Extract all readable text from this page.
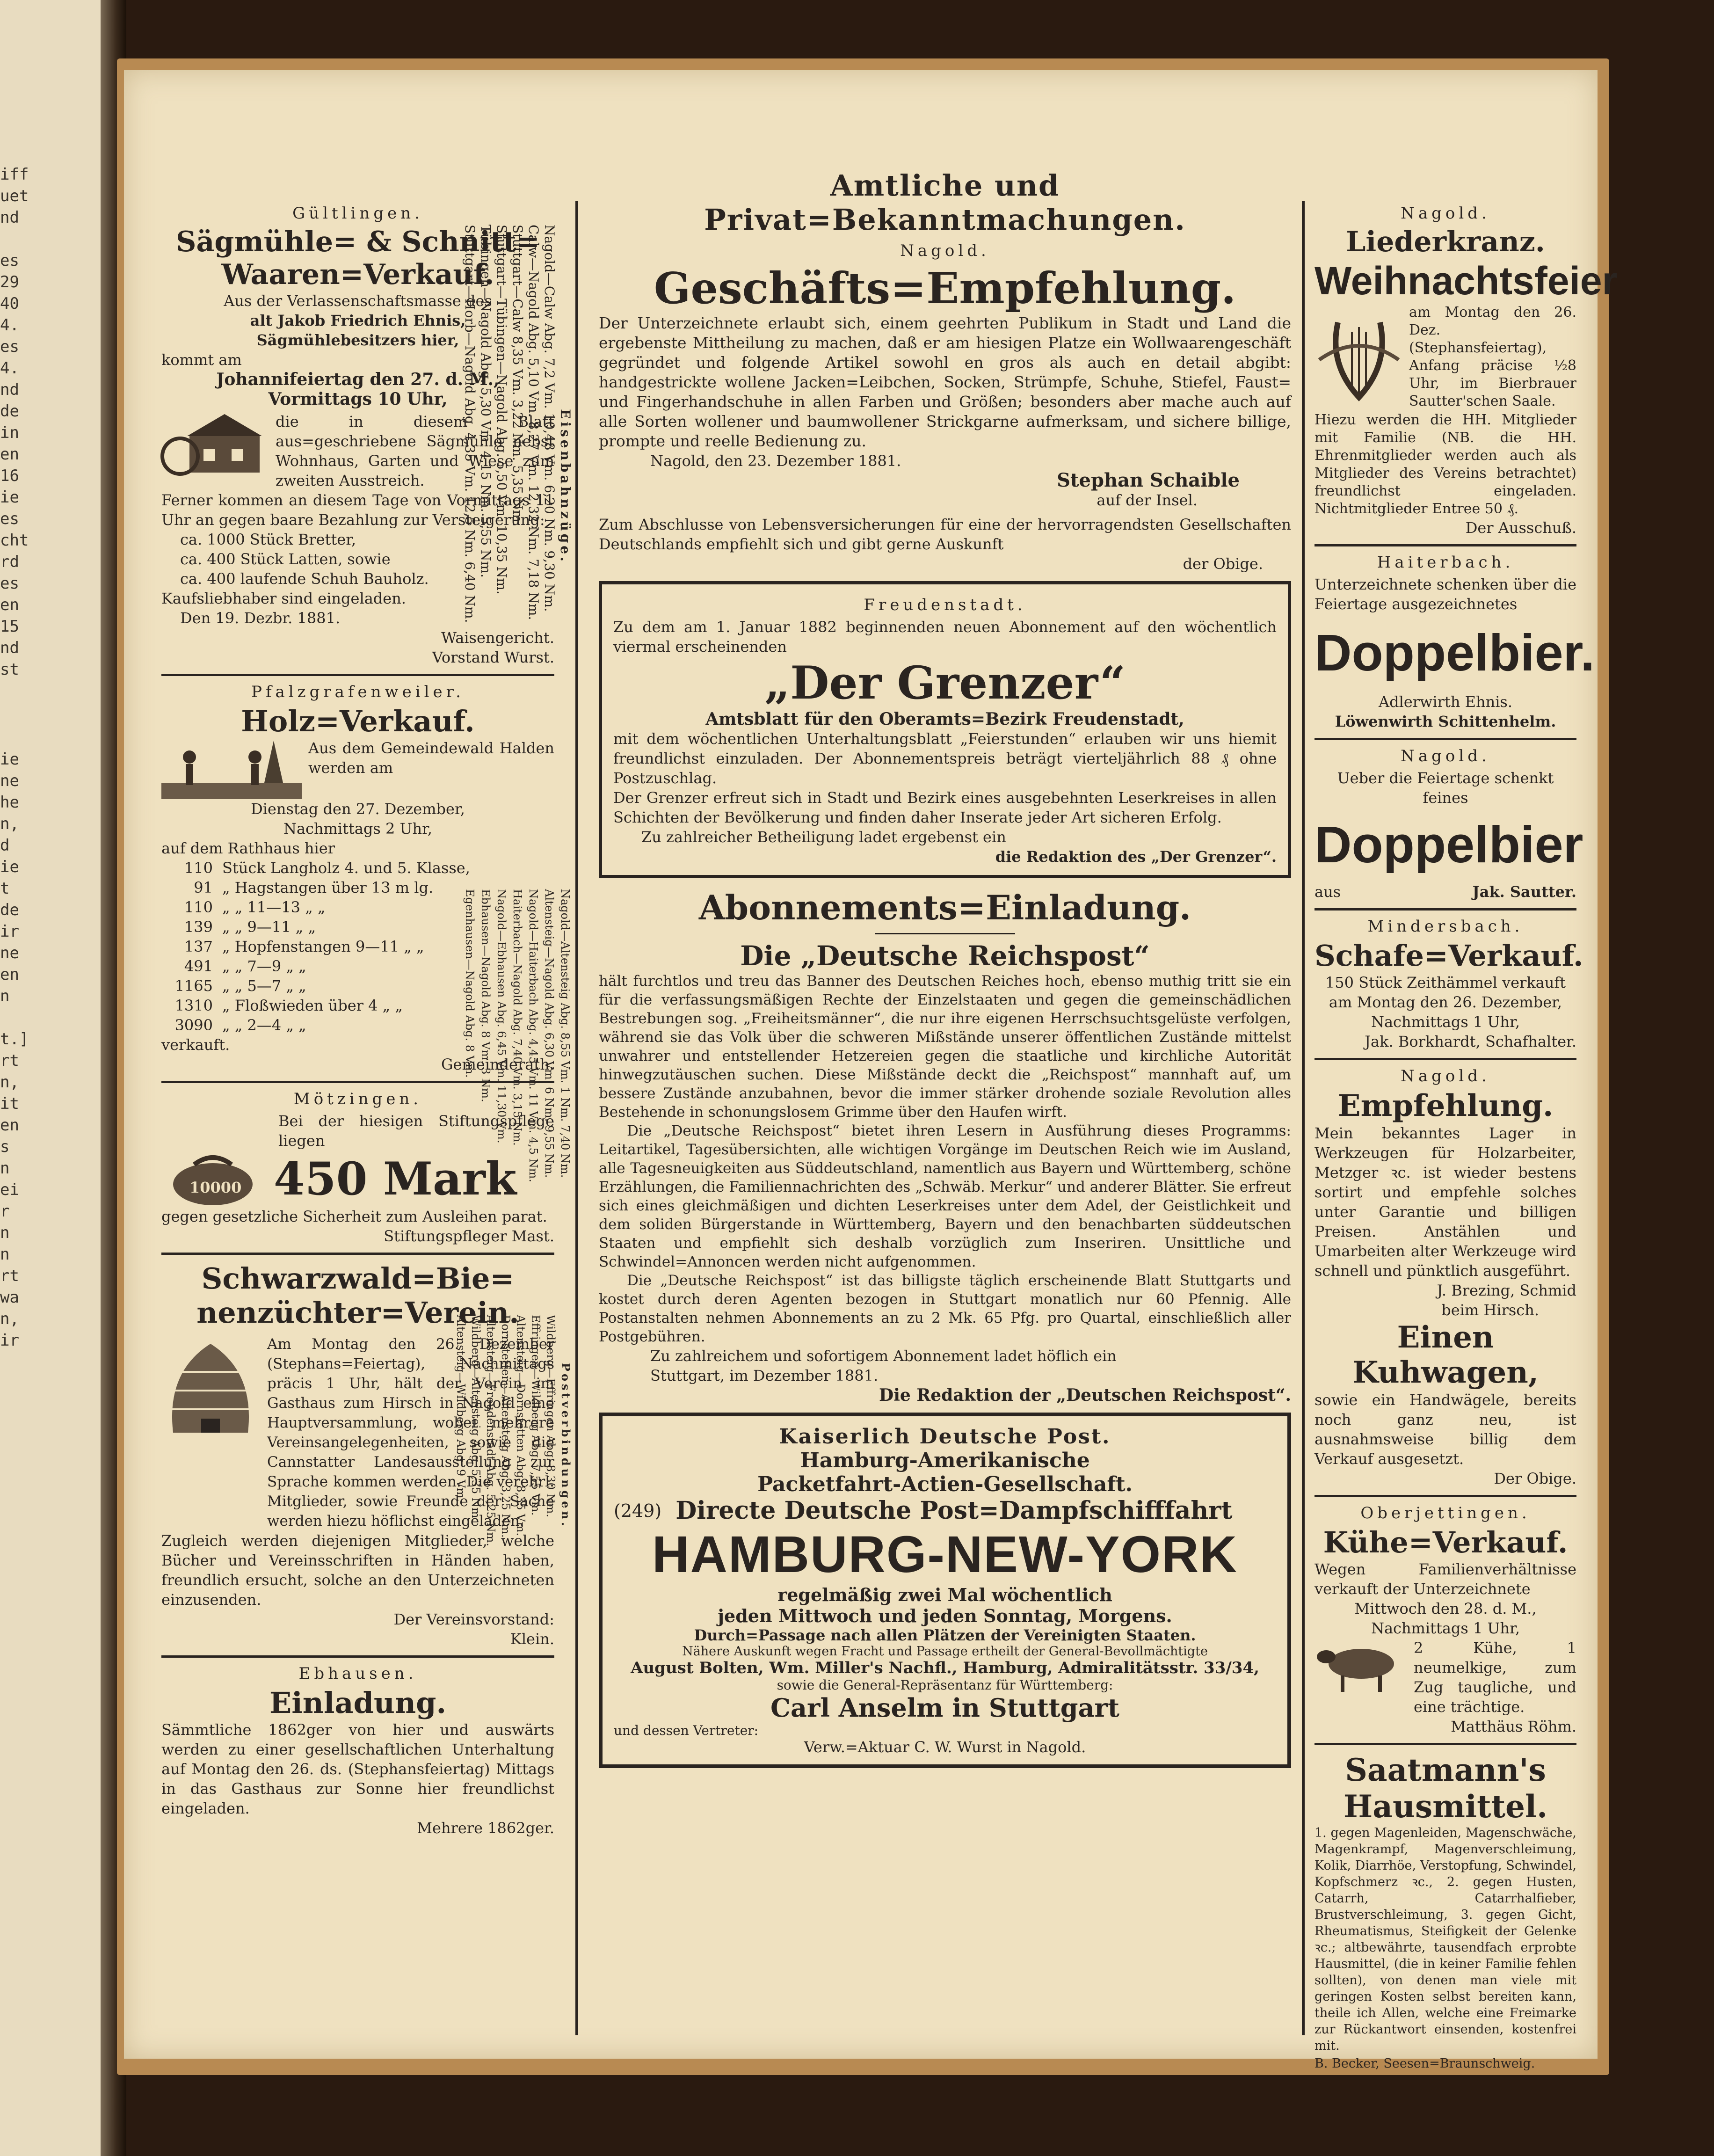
iff
uet
nd

es
29
40
4.
es
4.
nd
de
in
en
16
ie
es
cht
rd
es
en
15
nd
st

ie
ne
he
n,
d
ie
t
de
ir
ne
en
n

t.]
rt
n,
it
en
s
n
ei
r
n
n
rt
wa
n,
ir

Gültlingen.
Sägmühle= & Schnitt=
Waaren=Verkauf.
Aus der Verlassenschaftsmasse des
alt Jakob Friedrich Ehnis,
Sägmühlebesitzers hier,
kommt am
Johannifeiertag den 27. d. M.,
Vormittags 10 Uhr,
die in diesem Blatt aus=geschriebene Sägmühle nebst Wohnhaus, Garten und Wiese zum zweiten Ausstreich.
Ferner kommen an diesem Tage von Vormittags 11 Uhr an gegen baare Bezahlung zur Versteigerung:
ca. 1000 Stück Bretter,
ca. 400 Stück Latten, sowie
ca. 400 laufende Schuh Bauholz.
Kaufsliebhaber sind eingeladen.
Den 19. Dezbr. 1881.
Waisengericht.
Vorstand Wurst.
Pfalzgrafenweiler.
Holz=Verkauf.
Aus dem Gemeindewald Halden werden am
Dienstag den 27. Dezember,
Nachmittags 2 Uhr,
auf dem Rathhaus hier
110 Stück Langholz 4. und 5. Klasse,
91 „ Hagstangen über 13 m lg.
110 „ „ 11—13 „ „
139 „ „ 9—11 „ „
137 „ Hopfenstangen 9—11 „ „
491 „ „ 7—9 „ „
1165 „ „ 5—7 „ „
1310 „ Floßwieden über 4 „ „
3090 „ „ 2—4 „ „
verkauft.
Gemeinderath.
Mötzingen.
Bei der hiesigen Stiftungspflege liegen
10000 450 Mark
gegen gesetzliche Sicherheit zum Ausleihen parat.
Stiftungspfleger Mast.
Schwarzwald=Bie=
nenzüchter=Verein.
Am Montag den 26. Dezember (Stephans=Feiertag), Nachmittags präcis 1 Uhr, hält der Verein im Gasthaus zum Hirsch in Nagold eine Hauptversammlung, wobei mehrere Vereinsangelegenheiten, sowie die Cannstatter Landesausstellung zur Sprache kommen werden. Die verehrl. Mitglieder, sowie Freunde der Sache werden hiezu höflichst eingeladen.
Zugleich werden diejenigen Mitglieder, welche Bücher und Vereinsschriften in Händen haben, freundlich ersucht, solche an den Unterzeichneten einzusenden.
Der Vereinsvorstand:
Klein.
Ebhausen.
Einladung.
Sämmtliche 1862ger von hier und auswärts werden zu einer gesellschaftlichen Unterhaltung auf Montag den 26. ds. (Stephansfeiertag) Mittags in das Gasthaus zur Sonne hier freundlichst eingeladen.
Mehrere 1862ger.
Eisenbahnzüge.
Nagold—Calw Abg. 7,2 Vm. 10,48 Vm. 6,20 Nm. 9,30 Nm.
Calw—Nagold Abg. 5,10 Vm. 8,27 Vm. 12,32 Nm. 7,18 Nm.
Stuttgart—Calw 8,35 Vm. 3,22 Nm. 5,35 Nm.
Stuttgart—Tübingen—Nagold Abg. 5,50 Vm. 10,35 Nm.
Tübingen—Nagold Abg. 5,30 Vm. 4,15 Nm. 5,55 Nm.
Stuttgart—Horb—Nagold Abg. 4,35 Vm. 12,5 Nm. 6,40 Nm.
Nagold—Altensteig Abg. 8,55 Vm. 1 Nm. 7,40 Nm.
Altensteig—Nagold Abg. 6,30 Vm. 6 Nm. 9,55 Nm.
Nagold—Haiterbach Abg. 4,45 Vm. 11 Vm. 4,5 Nm.
Haiterbach—Nagold Abg. 7,40 Vm. 3,15 Nm.
Nagold—Ebhausen Abg. 6,45 Vm. 11,30 Vm.
Ebhausen—Nagold Abg. 8 Vm. 3 Nm.
Egenhausen—Nagold Abg. 8 Vm.
Amtliche und Privat=Bekanntmachungen.
Nagold.
Geschäfts=Empfehlung.
Der Unterzeichnete erlaubt sich, einem geehrten Publikum in Stadt und Land die ergebenste Mittheilung zu machen, daß er am hiesigen Platze ein Wollwaarengeschäft gegründet und folgende Artikel sowohl en gros als auch en detail abgibt: handgestrickte wollene Jacken=Leibchen, Socken, Strümpfe, Schuhe, Stiefel, Faust= und Fingerhandschuhe in allen Farben und Größen; besonders aber mache auch auf alle Sorten wollener und baumwollener Strickgarne aufmerksam, und sichere billige, prompte und reelle Bedienung zu.
Nagold, den 23. Dezember 1881.
Stephan Schaible
auf der Insel.
Zum Abschlusse von Lebensversicherungen für eine der hervorragendsten Gesellschaften Deutschlands empfiehlt sich und gibt gerne Auskunft
der Obige.
Freudenstadt.
Zu dem am 1. Januar 1882 beginnenden neuen Abonnement auf den wöchentlich viermal erscheinenden
„Der Grenzer“
Amtsblatt für den Oberamts=Bezirk Freudenstadt,
mit dem wöchentlichen Unterhaltungsblatt „Feierstunden“ erlauben wir uns hiemit freundlichst einzuladen. Der Abonnementspreis beträgt vierteljährlich 88 ₰ ohne Postzuschlag.
Der Grenzer erfreut sich in Stadt und Bezirk eines ausgebehnten Leserkreises in allen Schichten der Bevölkerung und finden daher Inserate jeder Art sicheren Erfolg.
Zu zahlreicher Betheiligung ladet ergebenst ein
die Redaktion des „Der Grenzer“.
Abonnements=Einladung.
Die „Deutsche Reichspost“
hält furchtlos und treu das Banner des Deutschen Reiches hoch, ebenso muthig tritt sie ein für die verfassungsmäßigen Rechte der Einzelstaaten und gegen die gemeinschädlichen Bestrebungen sog. „Freiheitsmänner“, die nur ihre eigenen Herrschsuchtsgelüste verfolgen, während sie das Volk über die schweren Mißstände unserer öffentlichen Zustände mittelst unwahrer und entstellender Hetzereien gegen die staatliche und kirchliche Autorität hinwegzutäuschen suchen. Diese Mißstände deckt die „Reichspost“ mannhaft auf, um bessere Zustände anzubahnen, bevor die immer stärker drohende soziale Revolution alles Bestehende in schonungslosem Grimme über den Haufen wirft.
Die „Deutsche Reichspost“ bietet ihren Lesern in Ausführung dieses Programms: Leitartikel, Tagesübersichten, alle wichtigen Vorgänge im Deutschen Reich wie im Ausland, alle Tagesneuigkeiten aus Süddeutschland, namentlich aus Bayern und Württemberg, schöne Erzählungen, die Familiennachrichten des „Schwäb. Merkur“ und anderer Blätter. Sie erfreut sich eines gleichmäßigen und dichten Leserkreises unter dem Adel, der Geistlichkeit und dem soliden Bürgerstande in Württemberg, Bayern und den benachbarten süddeutschen Staaten und empfiehlt sich deshalb vorzüglich zum Inseriren. Unsittliche und Schwindel=Annoncen werden nicht aufgenommen.
Die „Deutsche Reichspost“ ist das billigste täglich erscheinende Blatt Stuttgarts und kostet durch deren Agenten bezogen in Stuttgart monatlich nur 60 Pfennig. Alle Postanstalten nehmen Abonnements an zu 2 Mk. 65 Pfg. pro Quartal, einschließlich aller Postgebühren.
Zu zahlreichem und sofortigem Abonnement ladet höflich ein
Stuttgart, im Dezember 1881.
Die Redaktion der „Deutschen Reichspost“.
Kaiserlich Deutsche Post.
Hamburg-Amerikanische
Packetfahrt-Actien-Gesellschaft.
(249) Directe Deutsche Post=Dampfschifffahrt
HAMBURG-NEW-YORK
regelmäßig zwei Mal wöchentlich
jeden Mittwoch und jeden Sonntag, Morgens.
Durch=Passage nach allen Plätzen der Vereinigten Staaten.
Nähere Auskunft wegen Fracht und Passage ertheilt der General-Bevollmächtigte
August Bolten, Wm. Miller's Nachfl., Hamburg, Admiralitätsstr. 33/34,
sowie die General-Repräsentanz für Württemberg:
Carl Anselm in Stuttgart
und dessen Vertreter:
Verw.=Aktuar C. W. Wurst in Nagold.
Nagold.
Liederkranz.
Weihnachtsfeier
am Montag den 26. Dez. (Stephansfeiertag), Anfang präcise ½8 Uhr, im Bierbrauer Sautter'schen Saale.
Hiezu werden die HH. Mitglieder mit Familie (NB. die HH. Ehrenmitglieder werden auch als Mitglieder des Vereins betrachtet) freundlichst eingeladen. Nichtmitglieder Entree 50 ₰.
Der Ausschuß.
Haiterbach.
Unterzeichnete schenken über die Feiertage ausgezeichnetes
Doppelbier.
Adlerwirth Ehnis.
Löwenwirth Schittenhelm.
Nagold.
Ueber die Feiertage schenkt feines
Doppelbier
aus	Jak. Sautter.
Mindersbach.
Schafe=Verkauf.
150 Stück Zeithämmel verkauft am Montag den 26. Dezember, Nachmittags 1 Uhr,
Jak. Borkhardt, Schafhalter.
Nagold.
Empfehlung.
Mein bekanntes Lager in Werkzeugen für Holzarbeiter, Metzger ꝛc. ist wieder bestens sortirt und empfehle solches unter Garantie und billigen Preisen. Anstählen und Umarbeiten alter Werkzeuge wird schnell und pünktlich ausgeführt.
J. Brezing, Schmid
beim Hirsch.
Einen Kuhwagen,
sowie ein Handwägele, bereits noch ganz neu, ist ausnahmsweise billig dem Verkauf ausgesetzt.
Der Obige.
Oberjettingen.
Kühe=Verkauf.
Wegen Familienverhältnisse verkauft der Unterzeichnete
Mittwoch den 28. d. M., Nachmittags 1 Uhr,
2 Kühe, 1 neumelkige, zum Zug taugliche, und eine trächtige.
Matthäus Röhm.
Saatmann's
Hausmittel.
1. gegen Magenleiden, Magenschwäche, Magenkrampf, Magenverschleimung, Kolik, Diarrhöe, Verstopfung, Schwindel, Kopfschmerz ꝛc., 2. gegen Husten, Catarrh, Catarrhalfieber, Brustverschleimung, 3. gegen Gicht, Rheumatismus, Steifigkeit der Gelenke ꝛc.; altbewährte, tausendfach erprobte Hausmittel, (die in keiner Familie fehlen sollten), von denen man viele mit geringen Kosten selbst bereiten kann, theile ich Allen, welche eine Freimarke zur Rückantwort einsenden, kostenfrei mit.
B. Becker, Seesen=Braunschweig.
Postverbindungen.
Wildberg—Effringen Abg. 8,30 Nm.
Effringen—Wildberg Abg. 7,55 Vm.
Altensteig—Dornstetten Abg. 8,35 Vm.
Dornstetten—Altensteig Abg. 3,25 Nm.
Altensteig—Freudenstadt Abg. 5,25 Nm.
Wildberg—Altensteig Abg. 5,35 Nm.
Altensteig—Wildberg Abg. 9 Vm.
